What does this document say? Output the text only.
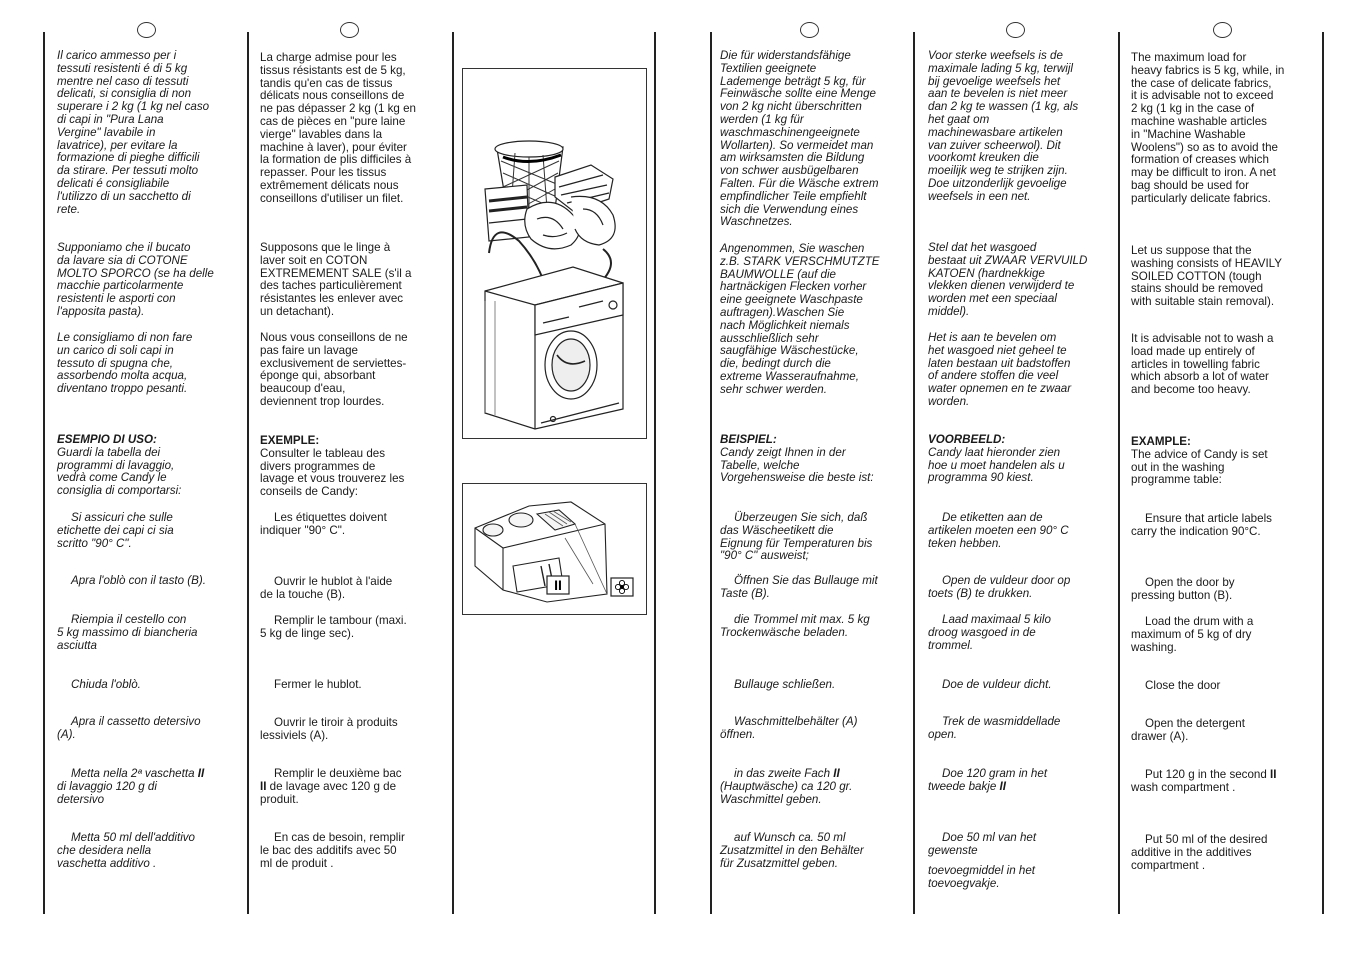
Il carico ammesso per i
tessuti resistenti é di 5 kg
mentre nel caso di tessuti
delicati, si consiglia di non
superare i 2 kg (1 kg nel caso
di capi in "Pura Lana
Vergine" lavabile in
lavatrice), per evitare la
formazione di pieghe difficili
da stirare. Per tessuti molto
delicati é consigliabile
l'utilizzo di un sacchetto di
rete.

Supponiamo che il bucato
da lavare sia di COTONE
MOLTO SPORCO (se ha delle
macchie particolarmente
resistenti le asporti con
l'apposita pasta).

Le consigliamo di non fare
un carico di soli capi in
tessuto di spugna che,
assorbendo molta acqua,
diventano troppo pesanti.

ESEMPIO DI USO:
Guardi la tabella dei
programmi di lavaggio,
vedrà come Candy le
consiglia di comportarsi:

Si assicuri che sulle
etichette dei capi ci sia
scritto "90° C".

Apra l'oblò con il tasto (B).

Riempia il cestello con
5 kg massimo di biancheria
asciutta

Chiuda l'oblò.

Apra il cassetto detersivo
(A).

Metta nella 2ª vaschetta II
di lavaggio 120 g di
detersivo

Metta 50 ml dell'additivo
che desidera nella
vaschetta additivo .

La charge admise pour les
tissus résistants est de 5 kg,
tandis qu'en cas de tissus
délicats nous conseillons de
ne pas dépasser 2 kg (1 kg en
cas de pièces en "pure laine
vierge" lavables dans la
machine à laver), pour éviter
la formation de plis difficiles à
repasser. Pour les tissus
extrêmement délicats nous
conseillons d'utiliser un filet.

Supposons que le linge à
laver soit en COTON
EXTREMEMENT SALE (s'il a
des taches particulièrement
résistantes les enlever avec
un detachant).

Nous vous conseillons de ne
pas faire un lavage
exclusivement de serviettes-
éponge qui, absorbant
beaucoup d'eau,
deviennent trop lourdes.

EXEMPLE:
Consulter le tableau des
divers programmes de
lavage et vous trouverez les
conseils de Candy:

Les étiquettes doivent
indiquer "90° C".

Ouvrir le hublot à l'aide
de la touche (B).

Remplir le tambour (maxi.
5 kg de linge sec).

Fermer le hublot.

Ouvrir le tiroir à produits
lessiviels (A).

Remplir le deuxième bac
II de lavage avec 120 g de
produit.

En cas de besoin, remplir
le bac des additifs avec 50
ml de produit .

II

Die für widerstandsfähige
Textilien geeignete
Lademenge beträgt 5 kg, für
Feinwäsche sollte eine Menge
von 2 kg nicht überschritten
werden (1 kg für
waschmaschinengeeignete
Wollarten). So vermeidet man
am wirksamsten die Bildung
von schwer ausbügelbaren
Falten. Für die Wäsche extrem
empfindlicher Teile empfiehlt
sich die Verwendung eines
Waschnetzes.

Angenommen, Sie waschen
z.B. STARK VERSCHMUTZTE
BAUMWOLLE (auf die
hartnäckigen Flecken vorher
eine geeignete Waschpaste
auftragen).Waschen Sie
nach Möglichkeit niemals
ausschließlich sehr
saugfähige Wäschestücke,
die, bedingt durch die
extreme Wasseraufnahme,
sehr schwer werden.

BEISPIEL:
Candy zeigt Ihnen in der
Tabelle, welche
Vorgehensweise die beste ist:

Überzeugen Sie sich, daß
das Wäscheetikett die
Eignung für Temperaturen bis
"90° C" ausweist;

Öffnen Sie das Bullauge mit
Taste (B).

die Trommel mit max. 5 kg
Trockenwäsche beladen.

Bullauge schließen.

Waschmittelbehälter (A)
öffnen.

in das zweite Fach II
(Hauptwäsche) ca 120 gr.
Waschmittel geben.

auf Wunsch ca. 50 ml
Zusatzmittel in den Behälter
für Zusatzmittel geben.

Voor sterke weefsels is de
maximale lading 5 kg, terwijl
bij gevoelige weefsels het
aan te bevelen is niet meer
dan 2 kg te wassen (1 kg, als
het gaat om
machinewasbare artikelen
van zuiver scheerwol). Dit
voorkomt kreuken die
moeilijk weg te strijken zijn.
Doe uitzonderlijk gevoelige
weefsels in een net.

Stel dat het wasgoed
bestaat uit ZWAAR VERVUILD
KATOEN (hardnekkige
vlekken dienen verwijderd te
worden met een speciaal
middel).

Het is aan te bevelen om
het wasgoed niet geheel te
laten bestaan uit badstoffen
of andere stoffen die veel
water opnemen en te zwaar
worden.

VOORBEELD:
Candy laat hieronder zien
hoe u moet handelen als u
programma 90 kiest.

De etiketten aan de
artikelen moeten een 90° C
teken hebben.

Open de vuldeur door op
toets (B) te drukken.

Laad maximaal 5 kilo
droog wasgoed in de
trommel.

Doe de vuldeur dicht.

Trek de wasmiddellade
open.

Doe 120 gram in het
tweede bakje II

Doe 50 ml van het
gewenste

toevoegmiddel in het
toevoegvakje.

The maximum load for
heavy fabrics is 5 kg, while, in
the case of delicate fabrics,
it is advisable not to exceed
2 kg (1 kg in the case of
machine washable articles
in "Machine Washable
Woolens") so as to avoid the
formation of creases which
may be difficult to iron. A net
bag should be used for
particularly delicate fabrics.

Let us suppose that the
washing consists of HEAVILY
SOILED COTTON (tough
stains should be removed
with suitable stain removal).

It is advisable not to wash a
load made up entirely of
articles in towelling fabric
which absorb a lot of water
and become too heavy.

EXAMPLE:
The advice of Candy is set
out in the washing
programme table:

Ensure that article labels
carry the indication 90°C.

Open the door by
pressing button (B).

Load the drum with a
maximum of 5 kg of dry
washing.

Close the door

Open the detergent
drawer (A).

Put 120 g in the second II
wash compartment .

Put 50 ml of the desired
additive in the additives
compartment .
